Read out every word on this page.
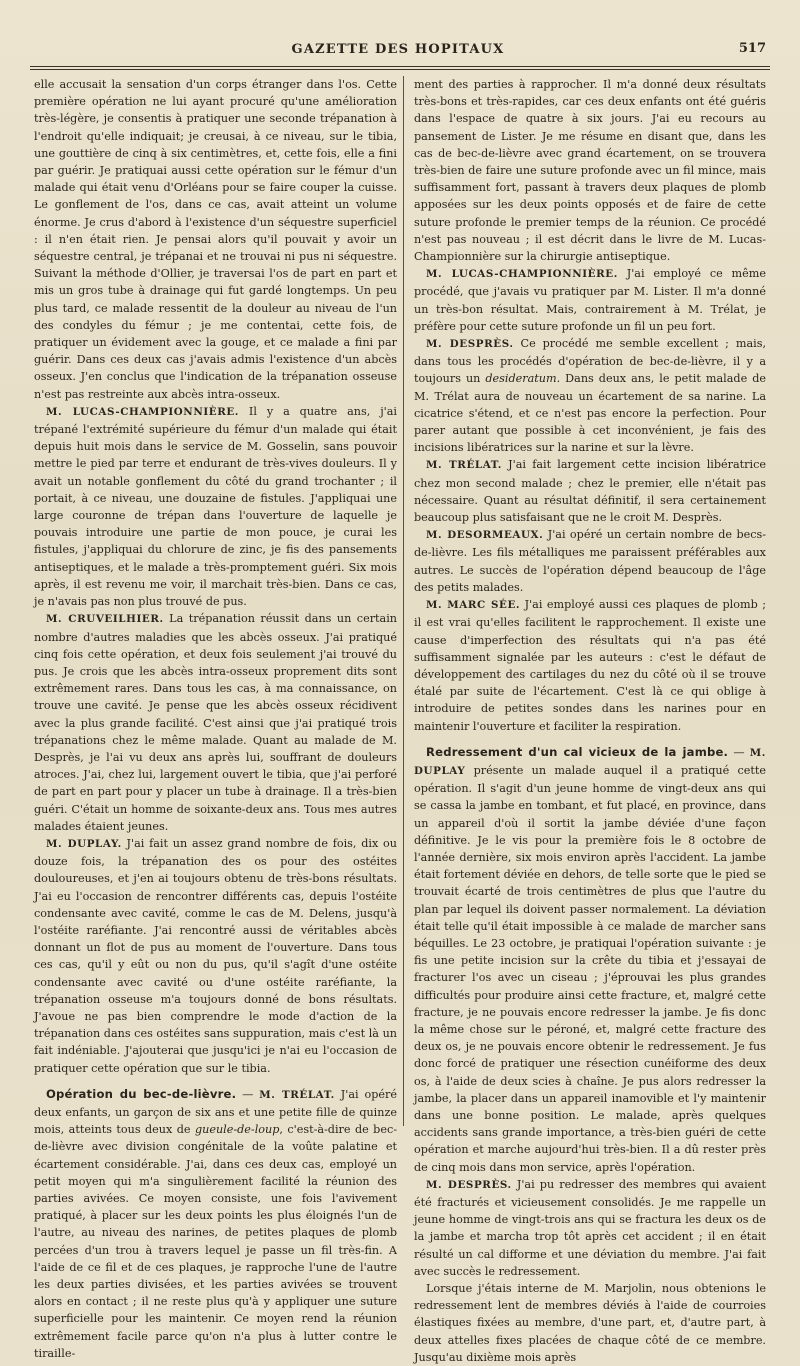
GAZETTE DES HOPITAUX	517

elle accusait la sensation d'un corps étranger dans l'os. Cette première opération ne lui ayant procuré qu'une amélioration très-légère, je consentis à pratiquer une seconde trépanation à l'endroit qu'elle indiquait; je creusai, à ce niveau, sur le tibia, une gouttière de cinq à six centimètres, et, cette fois, elle a fini par guérir. Je pratiquai aussi cette opération sur le fémur d'un malade qui était venu d'Orléans pour se faire couper la cuisse. Le gonflement de l'os, dans ce cas, avait atteint un volume énorme. Je crus d'abord à l'existence d'un séquestre superficiel : il n'en était rien. Je pensai alors qu'il pouvait y avoir un séquestre central, je trépanai et ne trouvai ni pus ni séquestre. Suivant la méthode d'Ollier, je traversai l'os de part en part et mis un gros tube à drainage qui fut gardé longtemps. Un peu plus tard, ce malade ressentit de la douleur au niveau de l'un des condyles du fémur ; je me contentai, cette fois, de pratiquer un évidement avec la gouge, et ce malade a fini par guérir. Dans ces deux cas j'avais admis l'existence d'un abcès osseux. J'en conclus que l'indication de la trépanation osseuse n'est pas restreinte aux abcès intra-osseux.

M. LUCAS-CHAMPIONNIÈRE. Il y a quatre ans, j'ai trépané l'extrémité supérieure du fémur d'un malade qui était depuis huit mois dans le service de M. Gosselin, sans pouvoir mettre le pied par terre et endurant de très-vives douleurs. Il y avait un notable gonflement du côté du grand trochanter ; il portait, à ce niveau, une douzaine de fistules. J'appliquai une large couronne de trépan dans l'ouverture de laquelle je pouvais introduire une partie de mon pouce, je curai les fistules, j'appliquai du chlorure de zinc, je fis des pansements antiseptiques, et le malade a très-promptement guéri. Six mois après, il est revenu me voir, il marchait très-bien. Dans ce cas, je n'avais pas non plus trouvé de pus.

M. CRUVEILHIER. La trépanation réussit dans un certain nombre d'autres maladies que les abcès osseux. J'ai pratiqué cinq fois cette opération, et deux fois seulement j'ai trouvé du pus. Je crois que les abcès intra-osseux proprement dits sont extrêmement rares. Dans tous les cas, à ma connaissance, on trouve une cavité. Je pense que les abcès osseux récidivent avec la plus grande facilité. C'est ainsi que j'ai pratiqué trois trépanations chez le même malade. Quant au malade de M. Desprès, je l'ai vu deux ans après lui, souffrant de douleurs atroces. J'ai, chez lui, largement ouvert le tibia, que j'ai perforé de part en part pour y placer un tube à drainage. Il a très-bien guéri. C'était un homme de soixante-deux ans. Tous mes autres malades étaient jeunes.

M. DUPLAY. J'ai fait un assez grand nombre de fois, dix ou douze fois, la trépanation des os pour des ostéites douloureuses, et j'en ai toujours obtenu de très-bons résultats. J'ai eu l'occasion de rencontrer différents cas, depuis l'ostéite condensante avec cavité, comme le cas de M. Delens, jusqu'à l'ostéite raréfiante. J'ai rencontré aussi de véritables abcès donnant un flot de pus au moment de l'ouverture. Dans tous ces cas, qu'il y eût ou non du pus, qu'il s'agît d'une ostéite condensante avec cavité ou d'une ostéite raréfiante, la trépanation osseuse m'a toujours donné de bons résultats. J'avoue ne pas bien comprendre le mode d'action de la trépanation dans ces ostéites sans suppuration, mais c'est là un fait indéniable. J'ajouterai que jusqu'ici je n'ai eu l'occasion de pratiquer cette opération que sur le tibia.

Opération du bec-de-lièvre. — M. TRÉLAT. J'ai opéré deux enfants, un garçon de six ans et une petite fille de quinze mois, atteints tous deux de gueule-de-loup, c'est-à-dire de bec-de-lièvre avec division congénitale de la voûte palatine et écartement considérable. J'ai, dans ces deux cas, employé un petit moyen qui m'a singulièrement facilité la réunion des parties avivées. Ce moyen consiste, une fois l'avivement pratiqué, à placer sur les deux points les plus éloignés l'un de l'autre, au niveau des narines, de petites plaques de plomb percées d'un trou à travers lequel je passe un fil très-fin. A l'aide de ce fil et de ces plaques, je rapproche l'une de l'autre les deux parties divisées, et les parties avivées se trouvent alors en contact ; il ne reste plus qu'à y appliquer une suture superficielle pour les maintenir. Ce moyen rend la réunion extrêmement facile parce qu'on n'a plus à lutter contre le tiraille-

ment des parties à rapprocher. Il m'a donné deux résultats très-bons et très-rapides, car ces deux enfants ont été guéris dans l'espace de quatre à six jours. J'ai eu recours au pansement de Lister. Je me résume en disant que, dans les cas de bec-de-lièvre avec grand écartement, on se trouvera très-bien de faire une suture profonde avec un fil mince, mais suffisamment fort, passant à travers deux plaques de plomb apposées sur les deux points opposés et de faire de cette suture profonde le premier temps de la réunion. Ce procédé n'est pas nouveau ; il est décrit dans le livre de M. Lucas-Championnière sur la chirurgie antiseptique.

M. LUCAS-CHAMPIONNIÈRE. J'ai employé ce même procédé, que j'avais vu pratiquer par M. Lister. Il m'a donné un très-bon résultat. Mais, contrairement à M. Trélat, je préfère pour cette suture profonde un fil un peu fort.

M. DESPRÈS. Ce procédé me semble excellent ; mais, dans tous les procédés d'opération de bec-de-lièvre, il y a toujours un desideratum. Dans deux ans, le petit malade de M. Trélat aura de nouveau un écartement de sa narine. La cicatrice s'étend, et ce n'est pas encore la perfection. Pour parer autant que possible à cet inconvénient, je fais des incisions libératrices sur la narine et sur la lèvre.

M. TRÉLAT. J'ai fait largement cette incision libératrice chez mon second malade ; chez le premier, elle n'était pas nécessaire. Quant au résultat définitif, il sera certainement beaucoup plus satisfaisant que ne le croit M. Desprès.

M. DESORMEAUX. J'ai opéré un certain nombre de becs-de-lièvre. Les fils métalliques me paraissent préférables aux autres. Le succès de l'opération dépend beaucoup de l'âge des petits malades.

M. MARC SÉE. J'ai employé aussi ces plaques de plomb ; il est vrai qu'elles facilitent le rapprochement. Il existe une cause d'imperfection des résultats qui n'a pas été suffisamment signalée par les auteurs : c'est le défaut de développement des cartilages du nez du côté où il se trouve étalé par suite de l'écartement. C'est là ce qui oblige à introduire de petites sondes dans les narines pour en maintenir l'ouverture et faciliter la respiration.

Redressement d'un cal vicieux de la jambe. — M. DUPLAY présente un malade auquel il a pratiqué cette opération. Il s'agit d'un jeune homme de vingt-deux ans qui se cassa la jambe en tombant, et fut placé, en province, dans un appareil d'où il sortit la jambe déviée d'une façon définitive. Je le vis pour la première fois le 8 octobre de l'année dernière, six mois environ après l'accident. La jambe était fortement déviée en dehors, de telle sorte que le pied se trouvait écarté de trois centimètres de plus que l'autre du plan par lequel ils doivent passer normalement. La déviation était telle qu'il était impossible à ce malade de marcher sans béquilles. Le 23 octobre, je pratiquai l'opération suivante : je fis une petite incision sur la crête du tibia et j'essayai de fracturer l'os avec un ciseau ; j'éprouvai les plus grandes difficultés pour produire ainsi cette fracture, et, malgré cette fracture, je ne pouvais encore redresser la jambe. Je fis donc la même chose sur le péroné, et, malgré cette fracture des deux os, je ne pouvais encore obtenir le redressement. Je fus donc forcé de pratiquer une résection cunéiforme des deux os, à l'aide de deux scies à chaîne. Je pus alors redresser la jambe, la placer dans un appareil inamovible et l'y maintenir dans une bonne position. Le malade, après quelques accidents sans grande importance, a très-bien guéri de cette opération et marche aujourd'hui très-bien. Il a dû rester près de cinq mois dans mon service, après l'opération.

M. DESPRÈS. J'ai pu redresser des membres qui avaient été fracturés et vicieusement consolidés. Je me rappelle un jeune homme de vingt-trois ans qui se fractura les deux os de la jambe et marcha trop tôt après cet accident ; il en était résulté un cal difforme et une déviation du membre. J'ai fait avec succès le redressement.

Lorsque j'étais interne de M. Marjolin, nous obtenions le redressement lent de membres déviés à l'aide de courroies élastiques fixées au membre, d'une part, et, d'autre part, à deux attelles fixes placées de chaque côté de ce membre. Jusqu'au dixième mois après
